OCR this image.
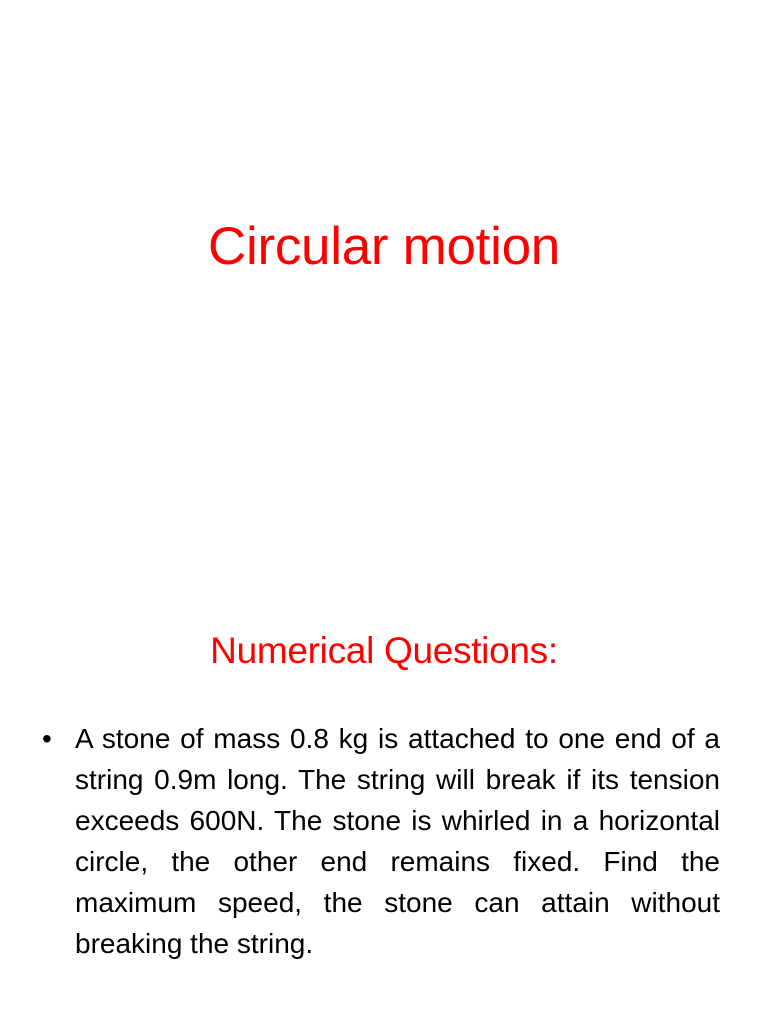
Circular motion
Numerical Questions:
• A stone of mass 0.8 kg is attached to one end of a string 0.9m long. The string will break if its tension exceeds 600N. The stone is whirled in a horizontal circle, the other end remains fixed. Find the maximum speed, the stone can attain without breaking the string.
